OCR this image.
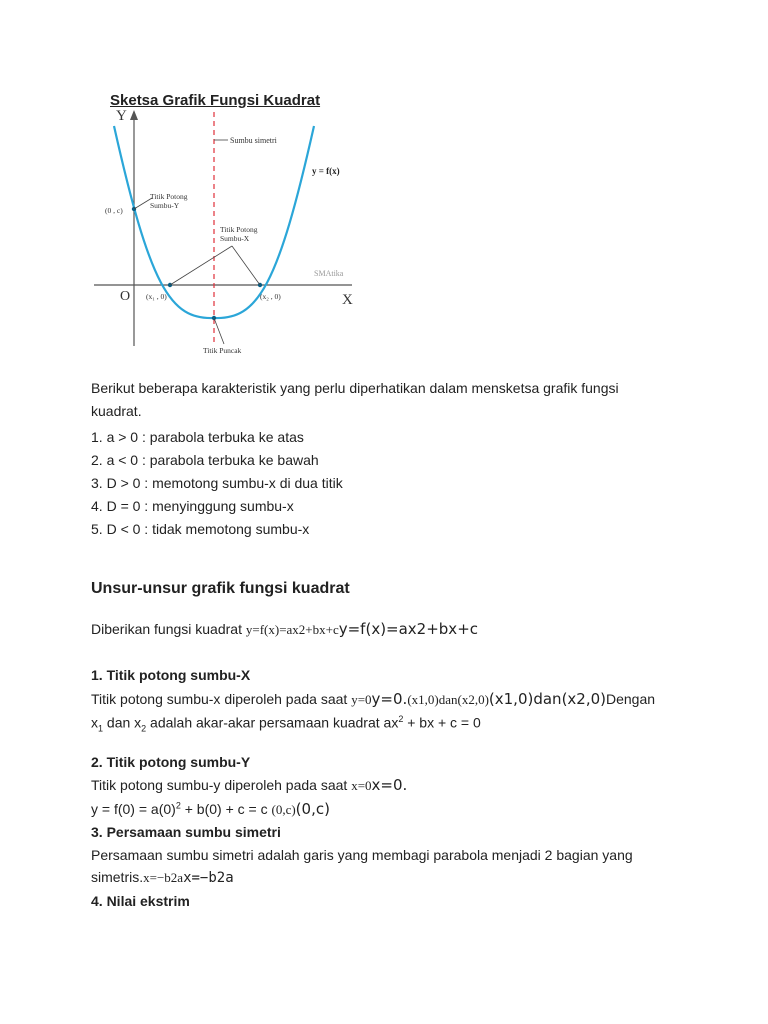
Sketsa Grafik Fungsi Kuadrat
Y
X
O
Sumbu simetri
y = f(x)
Titik Potong
Sumbu-Y
(0 , c)
Titik Potong
Sumbu-X
(x₁ , 0)	(x₂ , 0)
Titik Puncak
SMAtika
Berikut beberapa karakteristik yang perlu diperhatikan dalam mensketsa grafik fungsi kuadrat.
1. a > 0 : parabola terbuka ke atas
2. a < 0 : parabola terbuka ke bawah
3. D > 0 : memotong sumbu-x di dua titik
4. D = 0 : menyinggung sumbu-x
5. D < 0 : tidak memotong sumbu-x
Unsur-unsur grafik fungsi kuadrat
Diberikan fungsi kuadrat y=f(x)=ax2+bx+cy=f(x)=ax2+bx+c
1. Titik potong sumbu-X
Titik potong sumbu-x diperoleh pada saat y=0y=0.(x1,0)dan(x2,0)(x1,0)dan(x2,0)Dengan
$x_1$ dan $x_2$ adalah akar-akar persamaan kuadrat $ax^2$ + bx + c = 0
2. Titik potong sumbu-Y
Titik potong sumbu-y diperoleh pada saat x=0x=0.
$y = f(0) = a(0)^2 + b(0) + c = c$ (0,c)(0,c)
3. Persamaan sumbu simetri
Persamaan sumbu simetri adalah garis yang membagi parabola menjadi 2 bagian yang
simetris.x=−b2ax=−b2a
4. Nilai ekstrim
